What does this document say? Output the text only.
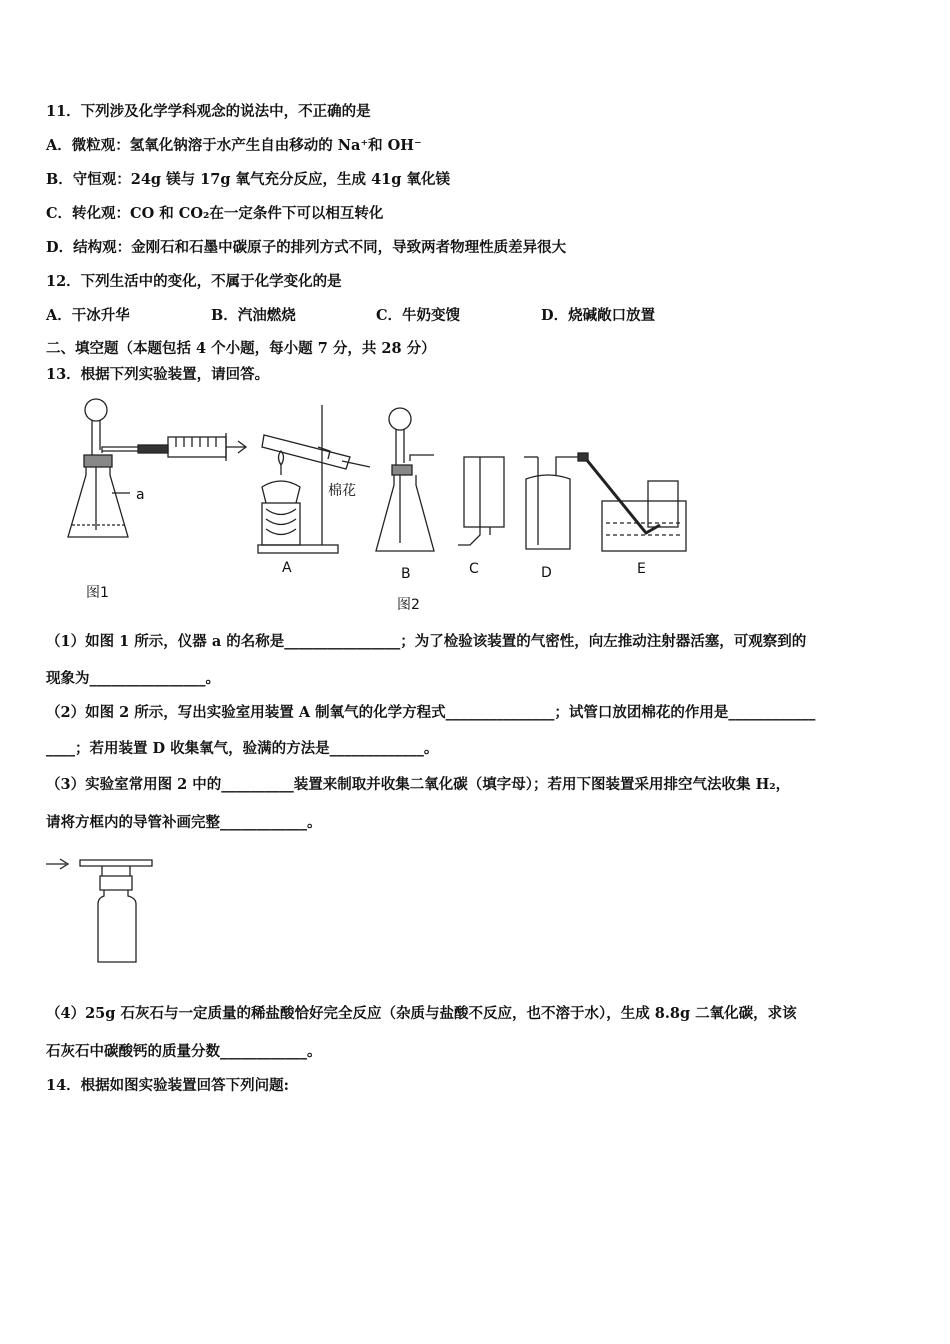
11．下列涉及化学学科观念的说法中，不正确的是
A．微粒观：氢氧化钠溶于水产生自由移动的 Na⁺和 OH⁻
B．守恒观：24g 镁与 17g 氧气充分反应，生成 41g 氧化镁
C．转化观：CO 和 CO₂在一定条件下可以相互转化
D．结构观：金刚石和石墨中碳原子的排列方式不同，导致两者物理性质差异很大
12．下列生活中的变化，不属于化学变化的是
A．干冰升华	B．汽油燃烧	C．牛奶变馊	D．烧碱敞口放置
二、填空题（本题包括 4 个小题，每小题 7 分，共 28 分）
13．根据下列实验装置，请回答。
a	棉花
A	B	C	D	E
图1
图2
（1）如图 1 所示，仪器 a 的名称是________________；为了检验该装置的气密性，向左推动注射器活塞，可观察到的
现象为________________。
（2）如图 2 所示，写出实验室用装置 A 制氧气的化学方程式_______________；试管口放团棉花的作用是____________
____；若用装置 D 收集氧气，验满的方法是_____________。
（3）实验室常用图 2 中的__________装置来制取并收集二氧化碳（填字母）；若用下图装置采用排空气法收集 H₂，
请将方框内的导管补画完整____________。
（4）25g 石灰石与一定质量的稀盐酸恰好完全反应（杂质与盐酸不反应，也不溶于水），生成 8.8g 二氧化碳，求该
石灰石中碳酸钙的质量分数____________。
14．根据如图实验装置回答下列问题:
